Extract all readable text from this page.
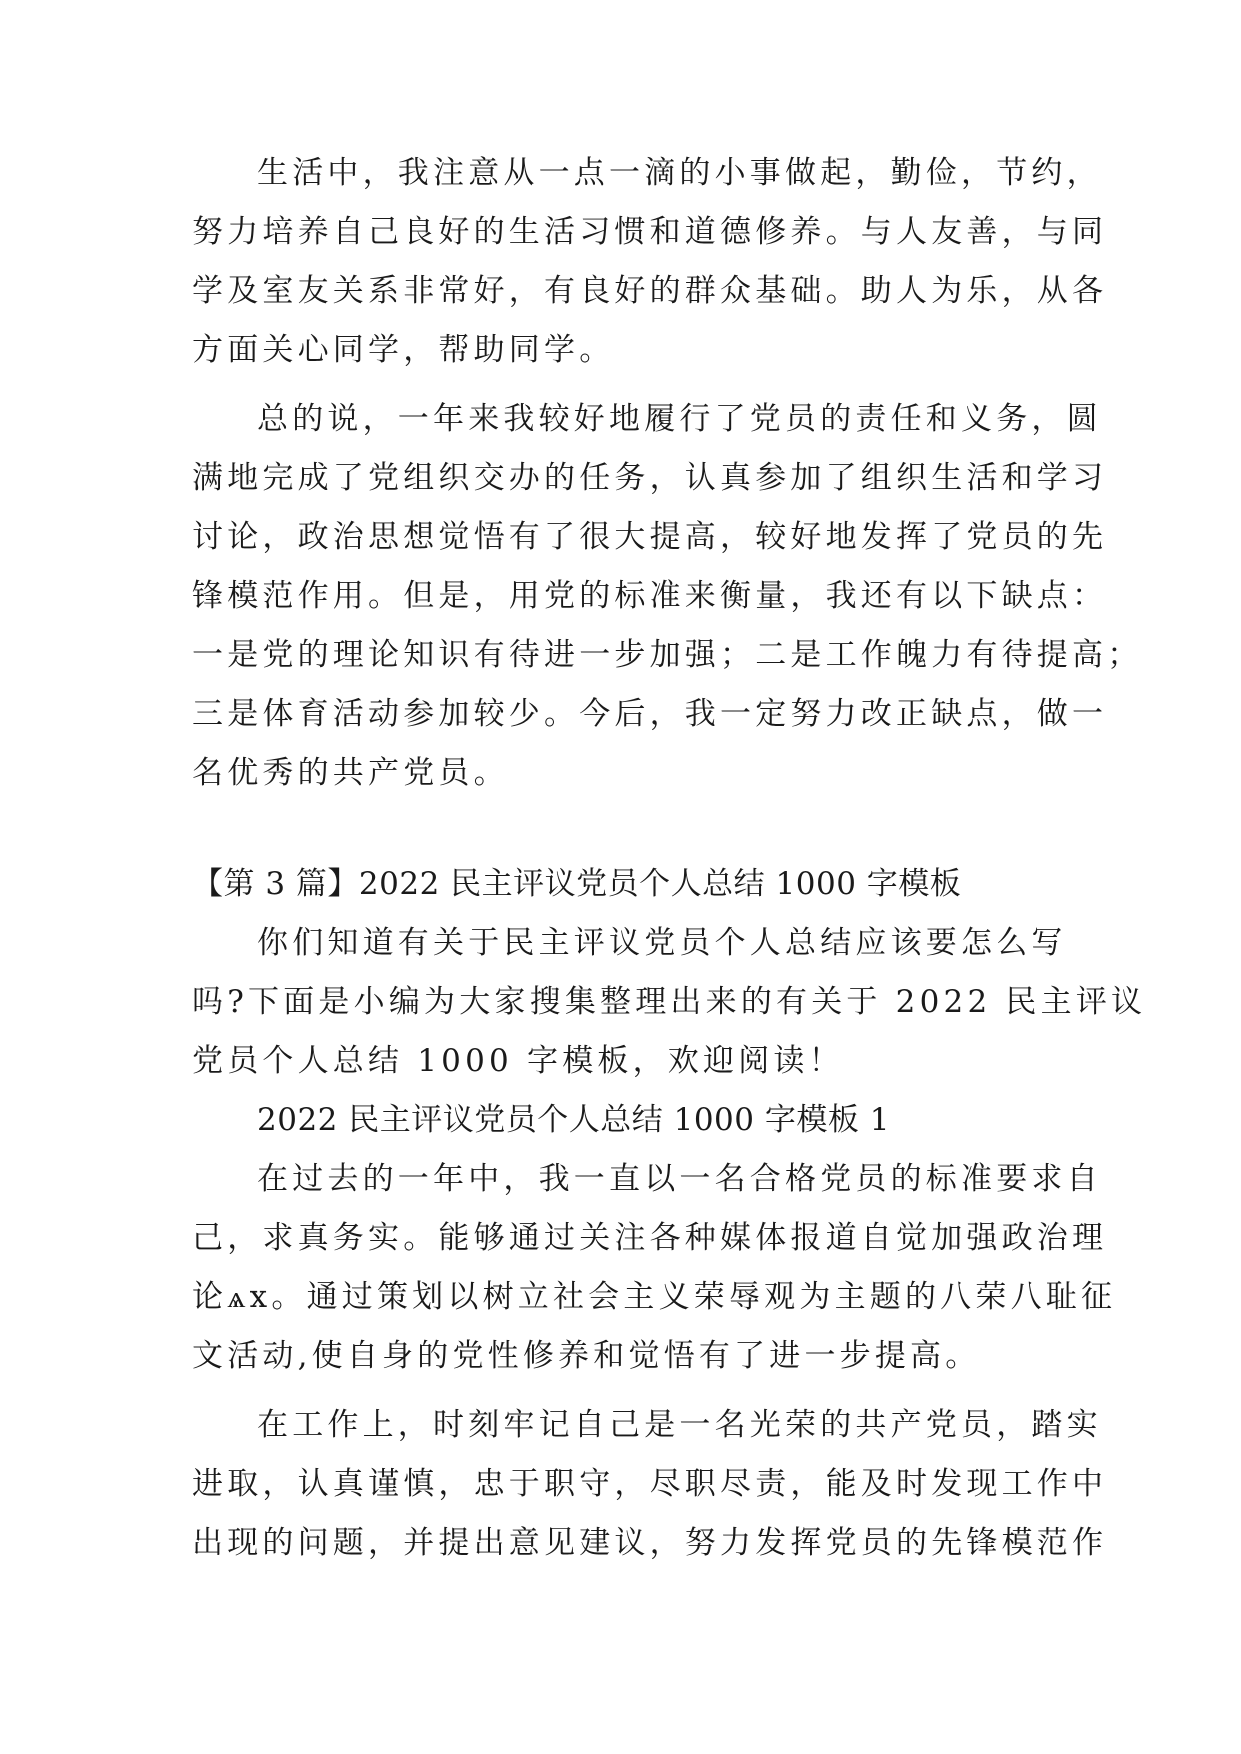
生活中，我注意从一点一滴的小事做起，勤俭，节约，
努力培养自己良好的生活习惯和道德修养。与人友善，与同
学及室友关系非常好，有良好的群众基础。助人为乐，从各
方面关心同学，帮助同学。
总的说，一年来我较好地履行了党员的责任和义务，圆
满地完成了党组织交办的任务，认真参加了组织生活和学习
讨论，政治思想觉悟有了很大提高，较好地发挥了党员的先
锋模范作用。但是，用党的标准来衡量，我还有以下缺点：
一是党的理论知识有待进一步加强；二是工作魄力有待提高；
三是体育活动参加较少。今后，我一定努力改正缺点，做一
名优秀的共产党员。
【第 3 篇】2022 民主评议党员个人总结 1000 字模板
你们知道有关于民主评议党员个人总结应该要怎么写
吗?下面是小编为大家搜集整理出来的有关于 2022 民主评议
党员个人总结 1000 字模板，欢迎阅读！
2022 民主评议党员个人总结 1000 字模板 1
在过去的一年中，我一直以一名合格党员的标准要求自
己，求真务实。能够通过关注各种媒体报道自觉加强政治理
论ѧх。通过策划以树立社会主义荣辱观为主题的八荣八耻征
文活动,使自身的党性修养和觉悟有了进一步提高。
在工作上，时刻牢记自己是一名光荣的共产党员，踏实
进取，认真谨慎，忠于职守，尽职尽责，能及时发现工作中
出现的问题，并提出意见建议，努力发挥党员的先锋模范作
